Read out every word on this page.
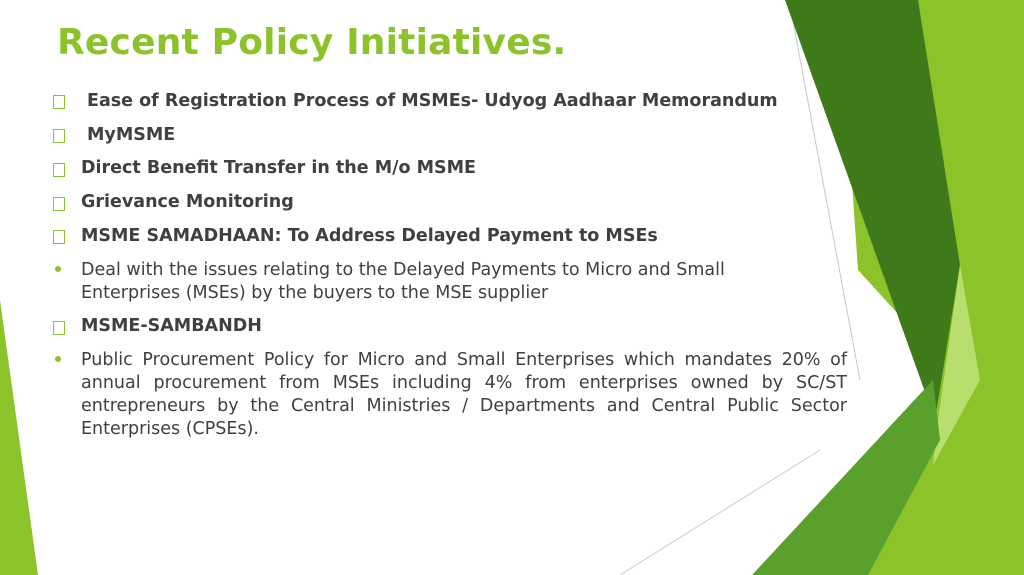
Recent Policy Initiatives.
Ease of Registration Process of MSMEs- Udyog Aadhaar Memorandum
MyMSME
Direct Benefit Transfer in the M/o MSME
Grievance Monitoring
MSME SAMADHAAN: To Address Delayed Payment to MSEs
Deal with the issues relating to the Delayed Payments to Micro and Small Enterprises (MSEs) by the buyers to the MSE supplier
MSME-SAMBANDH
Public Procurement Policy for Micro and Small Enterprises which mandates 20% of annual procurement from MSEs including 4% from enterprises owned by SC/ST entrepreneurs by the Central Ministries / Departments and Central Public Sector Enterprises (CPSEs).
